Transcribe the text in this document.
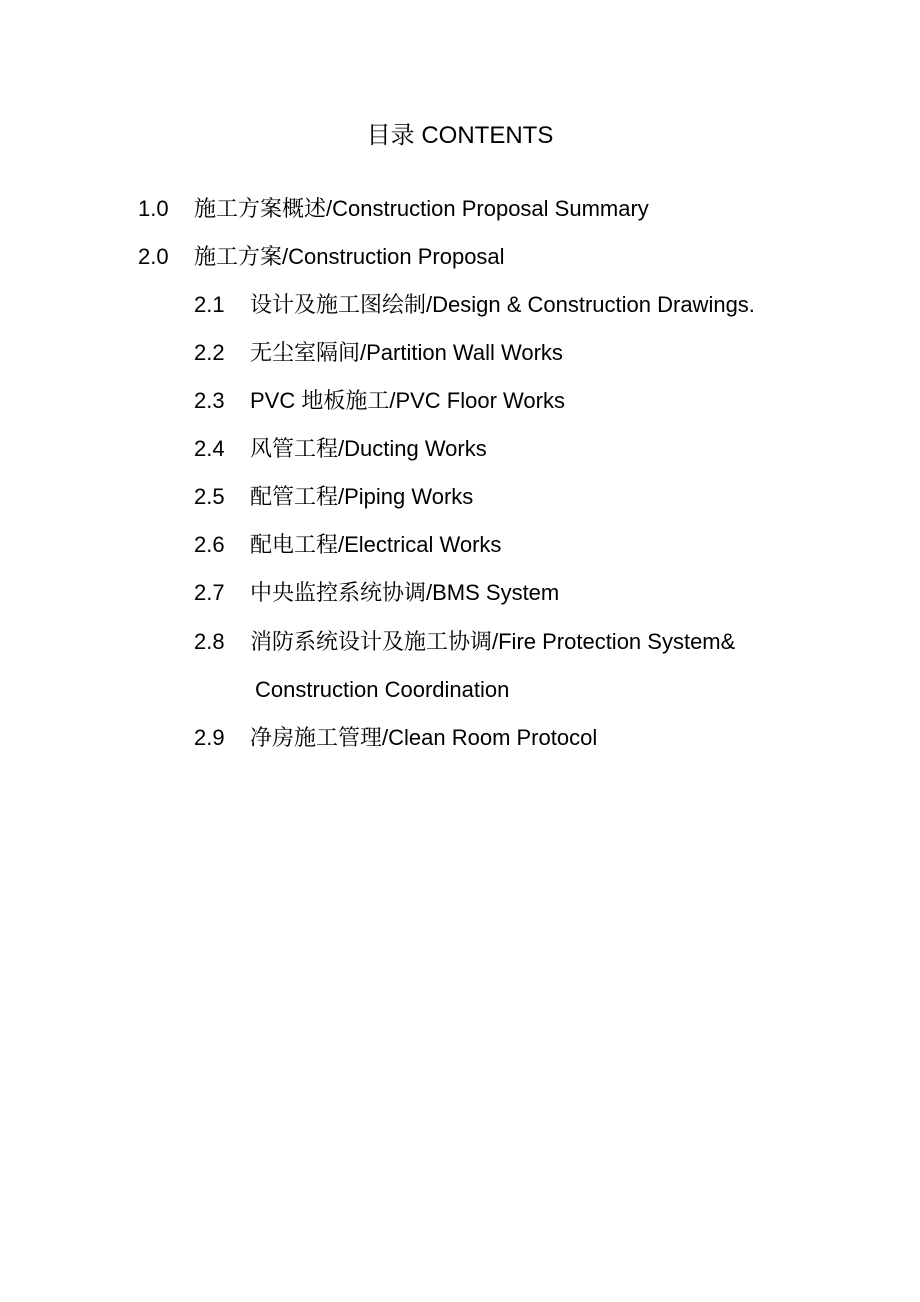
目录 CONTENTS
1.0 施工方案概述/Construction Proposal Summary
2.0 施工方案/Construction Proposal
2.1 设计及施工图绘制/Design & Construction Drawings.
2.2 无尘室隔间/Partition Wall Works
2.3 PVC 地板施工/PVC Floor Works
2.4 风管工程/Ducting Works
2.5 配管工程/Piping Works
2.6 配电工程/Electrical Works
2.7 中央监控系统协调/BMS System
2.8 消防系统设计及施工协调/Fire Protection System&
Construction Coordination
2.9 净房施工管理/Clean Room Protocol
